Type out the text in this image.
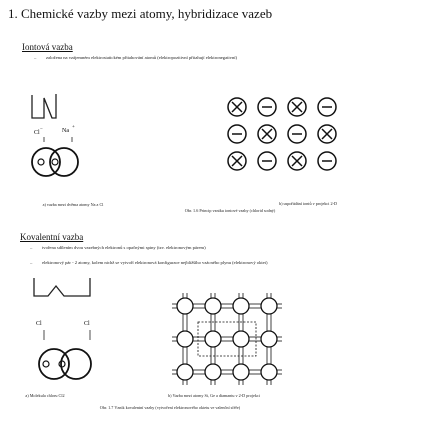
1. Chemické vazby mezi atomy, hybridizace vazeb
Iontová vazba
– založena na vzájemném elektrostatickém přitahování atomů (elektropozitivní přitahují elektronegativní)
Cl
−	Na
+
Cl	Cl
a) vazba mezi dvěma atomy Na a Cl	b) uspořádání iontů v projekci 2-D
Obr. 1.6 Princip vzniku iontové vazby (chlorid sodný)
Kovalentní vazba
– tvořena sdílením dvou vazebných elektronů s opačnými spiny (tzv. elektronovým párem)
– elektronový pár - 2 atomy, kolem nichž se vytvoří elektronová konfigurace nejbližšího vzácného plynu (elektronový oktet)
a) Molekula chloru Cl2	b) Vazba mezi atomy Si, Ge a diamantu v 2-D projekci
Obr. 1.7 Vznik kovalentní vazby (vytvoření elektronového oktetu ve valenční sféře)
